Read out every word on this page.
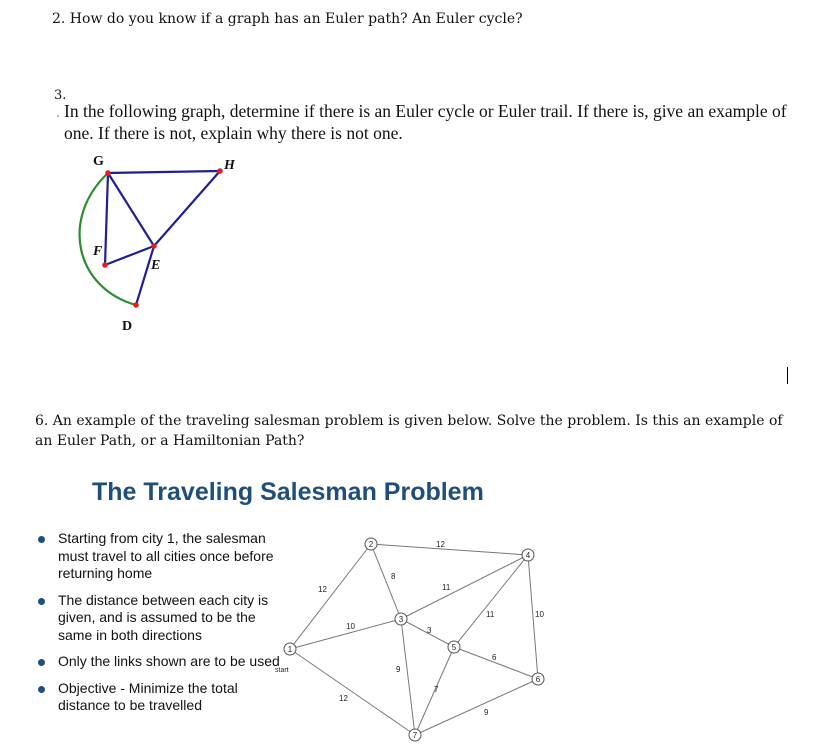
2. How do you know if a graph has an Euler path? An Euler cycle?
3.
. In the following graph, determine if there is an Euler cycle or Euler trail. If there is, give an example of one. If there is not, explain why there is not one.
G	H
F
E
D
6. An example of the traveling salesman problem is given below. Solve the problem. Is this an example of an Euler Path, or a Hamiltonian Path?
The Traveling Salesman Problem
Starting from city 1, the salesman must travel to all cities once before returning home
The distance between each city is given, and is assumed to be the same in both directions
Only the links shown are to be used
Objective - Minimize the total distance to be travelled
12
12
8
10
12
11
3
9
11	10
6
7
9
1
2
3
4
5
6
7
start
